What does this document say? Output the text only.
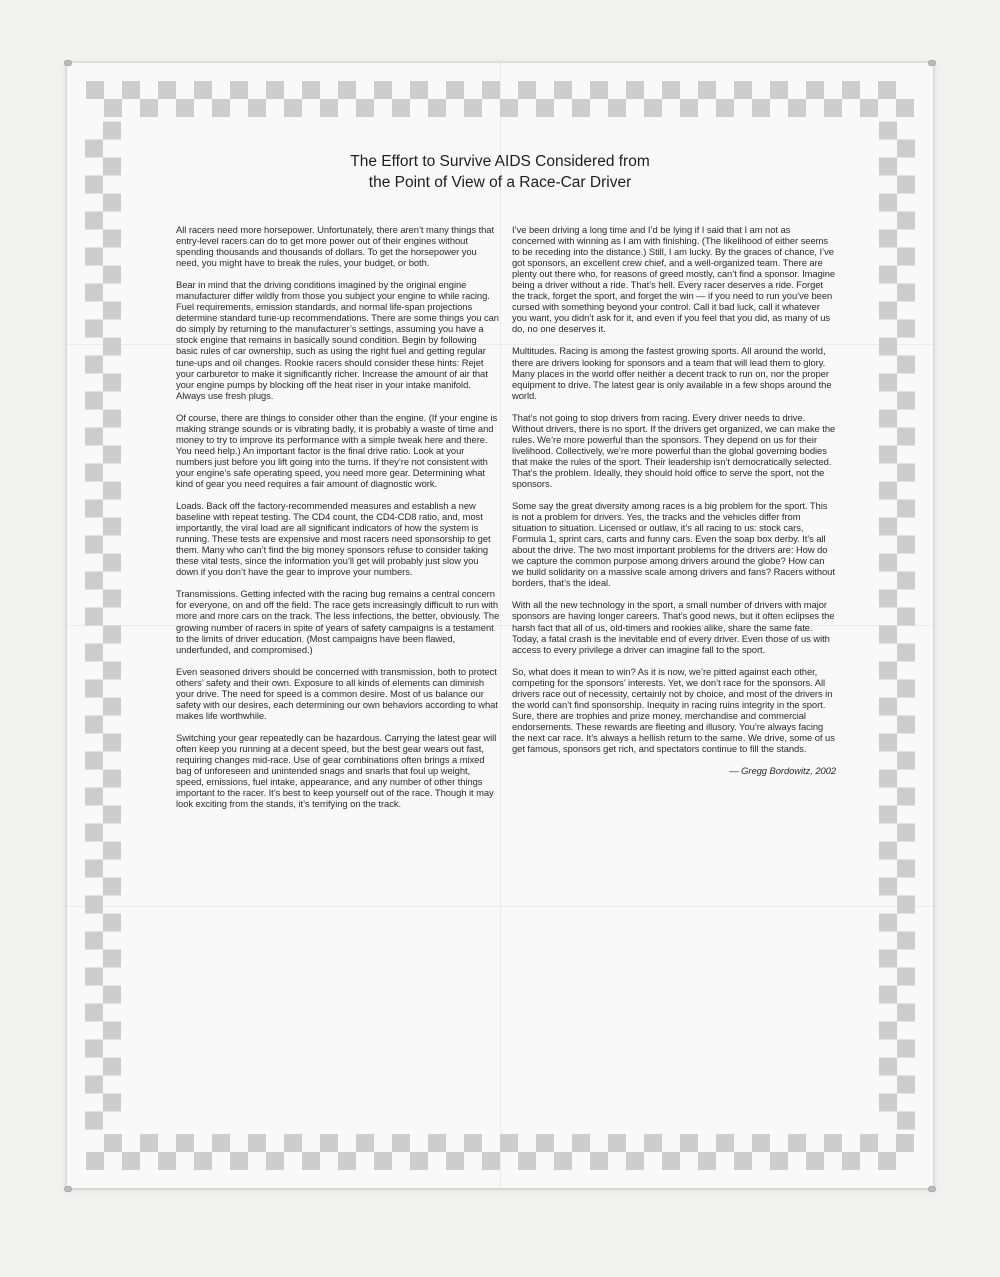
The Effort to Survive AIDS Considered from
the Point of View of a Race-Car Driver

All racers need more horsepower. Unfortunately, there aren’t many things that entry-level racers can do to get more power out of their engines without spending thousands and thousands of dollars. To get the horsepower you need, you might have to break the rules, your budget, or both.

Bear in mind that the driving conditions imagined by the original engine manufacturer differ wildly from those you subject your engine to while racing. Fuel requirements, emission standards, and normal life-span projections determine standard tune-up recommendations. There are some things you can do simply by returning to the manufacturer’s settings, assuming you have a stock engine that remains in basically sound condition. Begin by following basic rules of car ownership, such as using the right fuel and getting regular tune-ups and oil changes. Rookie racers should consider these hints: Rejet your carburetor to make it significantly richer. Increase the amount of air that your engine pumps by blocking off the heat riser in your intake manifold. Always use fresh plugs.

Of course, there are things to consider other than the engine. (If your engine is making strange sounds or is vibrating badly, it is probably a waste of time and money to try to improve its performance with a simple tweak here and there. You need help.) An important factor is the final drive ratio. Look at your numbers just before you lift going into the turns. If they’re not consistent with your engine’s safe operating speed, you need more gear. Determining what kind of gear you need requires a fair amount of diagnostic work.

Loads. Back off the factory-recommended measures and establish a new baseline with repeat testing. The CD4 count, the CD4-CD8 ratio, and, most importantly, the viral load are all significant indicators of how the system is running. These tests are expensive and most racers need sponsorship to get them. Many who can’t find the big money sponsors refuse to consider taking these vital tests, since the information you’ll get will probably just slow you down if you don’t have the gear to improve your numbers.

Transmissions. Getting infected with the racing bug remains a central concern for everyone, on and off the field. The race gets increasingly difficult to run with more and more cars on the track. The less infections, the better, obviously. The growing number of racers in spite of years of safety campaigns is a testament to the limits of driver education. (Most campaigns have been flawed, underfunded, and compromised.)

Even seasoned drivers should be concerned with transmission, both to protect others’ safety and their own. Exposure to all kinds of elements can diminish your drive. The need for speed is a common desire. Most of us balance our safety with our desires, each determining our own behaviors according to what makes life worthwhile.

Switching your gear repeatedly can be hazardous. Carrying the latest gear will often keep you running at a decent speed, but the best gear wears out fast, requiring changes mid-race. Use of gear combinations often brings a mixed bag of unforeseen and unintended snags and snarls that foul up weight, speed, emissions, fuel intake, appearance, and any number of other things important to the racer. It’s best to keep yourself out of the race. Though it may look exciting from the stands, it’s terrifying on the track.

I’ve been driving a long time and I’d be lying if I said that I am not as concerned with winning as I am with finishing. (The likelihood of either seems to be receding into the distance.) Still, I am lucky. By the graces of chance, I’ve got sponsors, an excellent crew chief, and a well-organized team. There are plenty out there who, for reasons of greed mostly, can’t find a sponsor. Imagine being a driver without a ride. That’s hell. Every racer deserves a ride. Forget the track, forget the sport, and forget the win — if you need to run you’ve been cursed with something beyond your control. Call it bad luck, call it whatever you want, you didn’t ask for it, and even if you feel that you did, as many of us do, no one deserves it.

Multitudes. Racing is among the fastest growing sports. All around the world, there are drivers looking for sponsors and a team that will lead them to glory. Many places in the world offer neither a decent track to run on, nor the proper equipment to drive. The latest gear is only available in a few shops around the world.

That’s not going to stop drivers from racing. Every driver needs to drive. Without drivers, there is no sport. If the drivers get organized, we can make the rules. We’re more powerful than the sponsors. They depend on us for their livelihood. Collectively, we’re more powerful than the global governing bodies that make the rules of the sport. Their leadership isn’t democratically selected. That’s the problem. Ideally, they should hold office to serve the sport, not the sponsors.

Some say the great diversity among races is a big problem for the sport. This is not a problem for drivers. Yes, the tracks and the vehicles differ from situation to situation. Licensed or outlaw, it’s all racing to us: stock cars, Formula 1, sprint cars, carts and funny cars. Even the soap box derby. It’s all about the drive. The two most important problems for the drivers are: How do we capture the common purpose among drivers around the globe? How can we build solidarity on a massive scale among drivers and fans? Racers without borders, that’s the ideal.

With all the new technology in the sport, a small number of drivers with major sponsors are having longer careers. That’s good news, but it often eclipses the harsh fact that all of us, old-timers and rookies alike, share the same fate. Today, a fatal crash is the inevitable end of every driver. Even those of us with access to every privilege a driver can imagine fall to the sport.

So, what does it mean to win? As it is now, we’re pitted against each other, competing for the sponsors’ interests. Yet, we don’t race for the sponsors. All drivers race out of necessity, certainly not by choice, and most of the drivers in the world can’t find sponsorship. Inequity in racing ruins integrity in the sport. Sure, there are trophies and prize money, merchandise and commercial endorsements. These rewards are fleeting and illusory. You’re always facing the next car race. It’s always a hellish return to the same. We drive, some of us get famous, sponsors get rich, and spectators continue to fill the stands.

— Gregg Bordowitz, 2002
